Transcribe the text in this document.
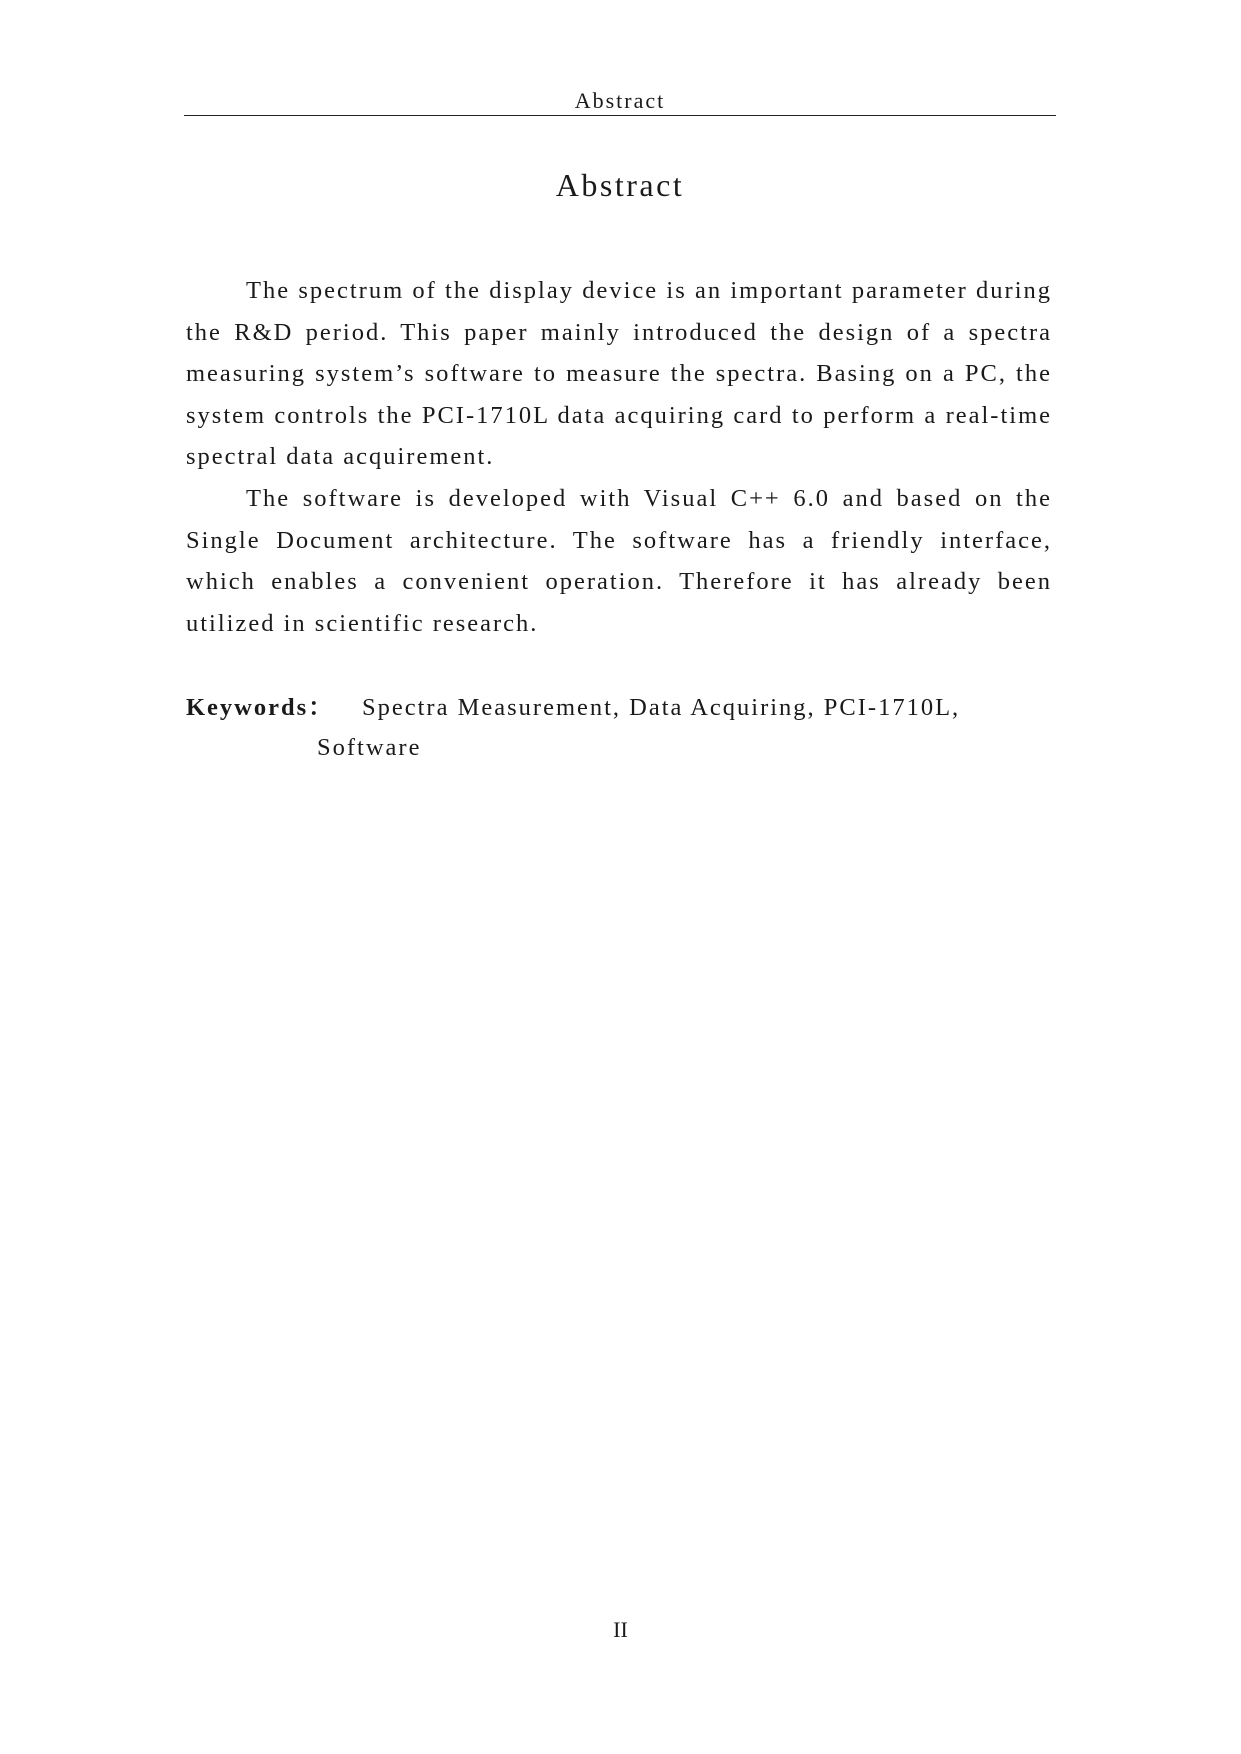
Abstract
Abstract

The spectrum of the display device is an important parameter during the R&D period. This paper mainly introduced the design of a spectra measuring system’s software to measure the spectra. Basing on a PC, the system controls the PCI-1710L data acquiring card to perform a real-time spectral data acquirement.

The software is developed with Visual C++ 6.0 and based on the Single Document architecture. The software has a friendly interface, which enables a convenient operation. Therefore it has already been utilized in scientific research.

Keywords： Spectra Measurement, Data Acquiring, PCI-1710L, Software
II
